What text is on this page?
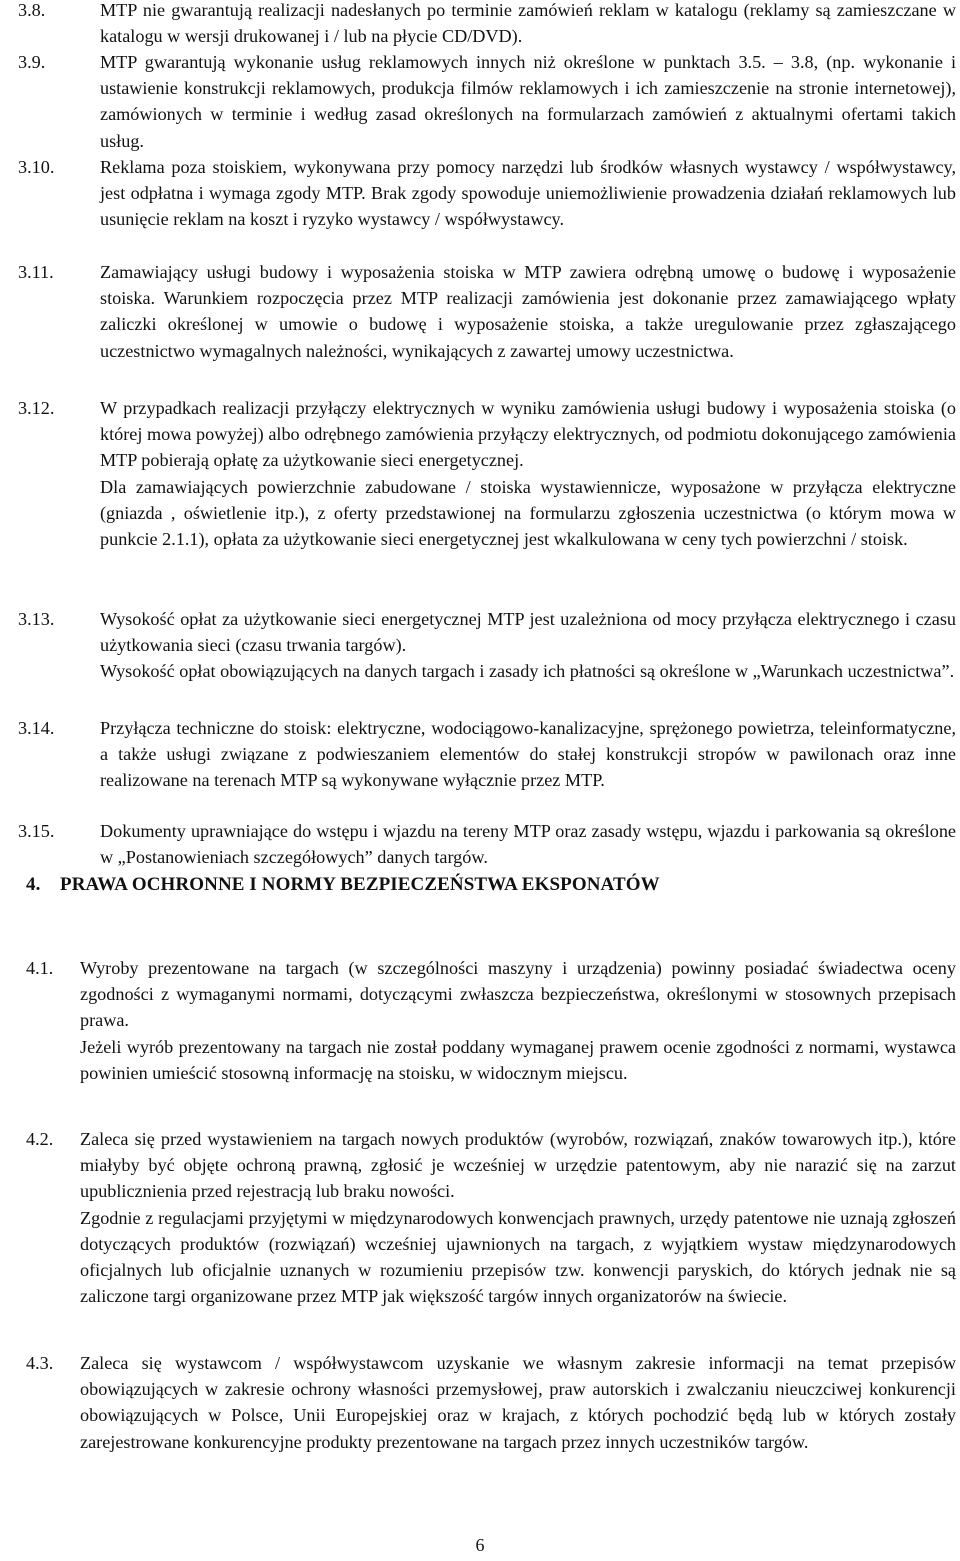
3.8.	MTP nie gwarantują realizacji nadesłanych po terminie zamówień reklam w katalogu (reklamy są zamieszczane w katalogu w wersji drukowanej i / lub na płycie CD/DVD).

3.9.	MTP gwarantują wykonanie usług reklamowych innych niż określone w punktach 3.5. – 3.8, (np. wykonanie i ustawienie konstrukcji reklamowych, produkcja filmów reklamowych i ich zamieszczenie na stronie internetowej), zamówionych w terminie i według zasad określonych na formularzach zamówień z aktualnymi ofertami takich usług.

3.10.	Reklama poza stoiskiem, wykonywana przy pomocy narzędzi lub środków własnych wystawcy / współwystawcy, jest odpłatna i wymaga zgody MTP. Brak zgody spowoduje uniemożliwienie prowadzenia działań reklamowych lub usunięcie reklam na koszt i ryzyko wystawcy / współwystawcy.

3.11.	Zamawiający usługi budowy i wyposażenia stoiska w MTP zawiera odrębną umowę o budowę i wyposażenie stoiska. Warunkiem rozpoczęcia przez MTP realizacji zamówienia jest dokonanie przez zamawiającego wpłaty zaliczki określonej w umowie o budowę i wyposażenie stoiska, a także uregulowanie przez zgłaszającego uczestnictwo wymagalnych należności, wynikających z zawartej umowy uczestnictwa.

3.12.	W przypadkach realizacji przyłączy elektrycznych w wyniku zamówienia usługi budowy i wyposażenia stoiska (o której mowa powyżej) albo odrębnego zamówienia przyłączy elektrycznych, od podmiotu dokonującego zamówienia MTP pobierają opłatę za użytkowanie sieci energetycznej.

Dla zamawiających powierzchnie zabudowane / stoiska wystawiennicze, wyposażone w przyłącza elektryczne (gniazda , oświetlenie itp.), z oferty przedstawionej na formularzu zgłoszenia uczestnictwa (o którym mowa w punkcie 2.1.1), opłata za użytkowanie sieci energetycznej jest wkalkulowana w ceny tych powierzchni / stoisk.

3.13.	Wysokość opłat za użytkowanie sieci energetycznej MTP jest uzależniona od mocy przyłącza elektrycznego i czasu użytkowania sieci (czasu trwania targów).

Wysokość opłat obowiązujących na danych targach i zasady ich płatności są określone w „Warunkach uczestnictwa”.

3.14.	Przyłącza techniczne do stoisk: elektryczne, wodociągowo-kanalizacyjne, sprężonego powietrza, teleinformatyczne, a także usługi związane z podwieszaniem elementów do stałej konstrukcji stropów w pawilonach oraz inne realizowane na terenach MTP są wykonywane wyłącznie przez MTP.

3.15.	Dokumenty uprawniające do wstępu i wjazdu na tereny MTP oraz zasady wstępu, wjazdu i parkowania są określone w „Postanowieniach szczegółowych” danych targów.

4. PRAWA OCHRONNE I NORMY BEZPIECZEŃSTWA EKSPONATÓW
4.1. Wyroby prezentowane na targach (w szczególności maszyny i urządzenia) powinny posiadać świadectwa oceny zgodności z wymaganymi normami, dotyczącymi zwłaszcza bezpieczeństwa, określonymi w stosownych przepisach prawa.

Jeżeli wyrób prezentowany na targach nie został poddany wymaganej prawem ocenie zgodności z normami, wystawca powinien umieścić stosowną informację na stoisku, w widocznym miejscu.

4.2. Zaleca się przed wystawieniem na targach nowych produktów (wyrobów, rozwiązań, znaków towarowych itp.), które miałyby być objęte ochroną prawną, zgłosić je wcześniej w urzędzie patentowym, aby nie narazić się na zarzut upublicznienia przed rejestracją lub braku nowości.

Zgodnie z regulacjami przyjętymi w międzynarodowych konwencjach prawnych, urzędy patentowe nie uznają zgłoszeń dotyczących produktów (rozwiązań) wcześniej ujawnionych na targach, z wyjątkiem wystaw międzynarodowych oficjalnych lub oficjalnie uznanych w rozumieniu przepisów tzw. konwencji paryskich, do których jednak nie są zaliczone targi organizowane przez MTP jak większość targów innych organizatorów na świecie.

4.3. Zaleca się wystawcom / współwystawcom uzyskanie we własnym zakresie informacji na temat przepisów obowiązujących w zakresie ochrony własności przemysłowej, praw autorskich i zwalczaniu nieuczciwej konkurencji obowiązujących w Polsce, Unii Europejskiej oraz w krajach, z których pochodzić będą lub w których zostały zarejestrowane konkurencyjne produkty prezentowane na targach przez innych uczestników targów.

6
